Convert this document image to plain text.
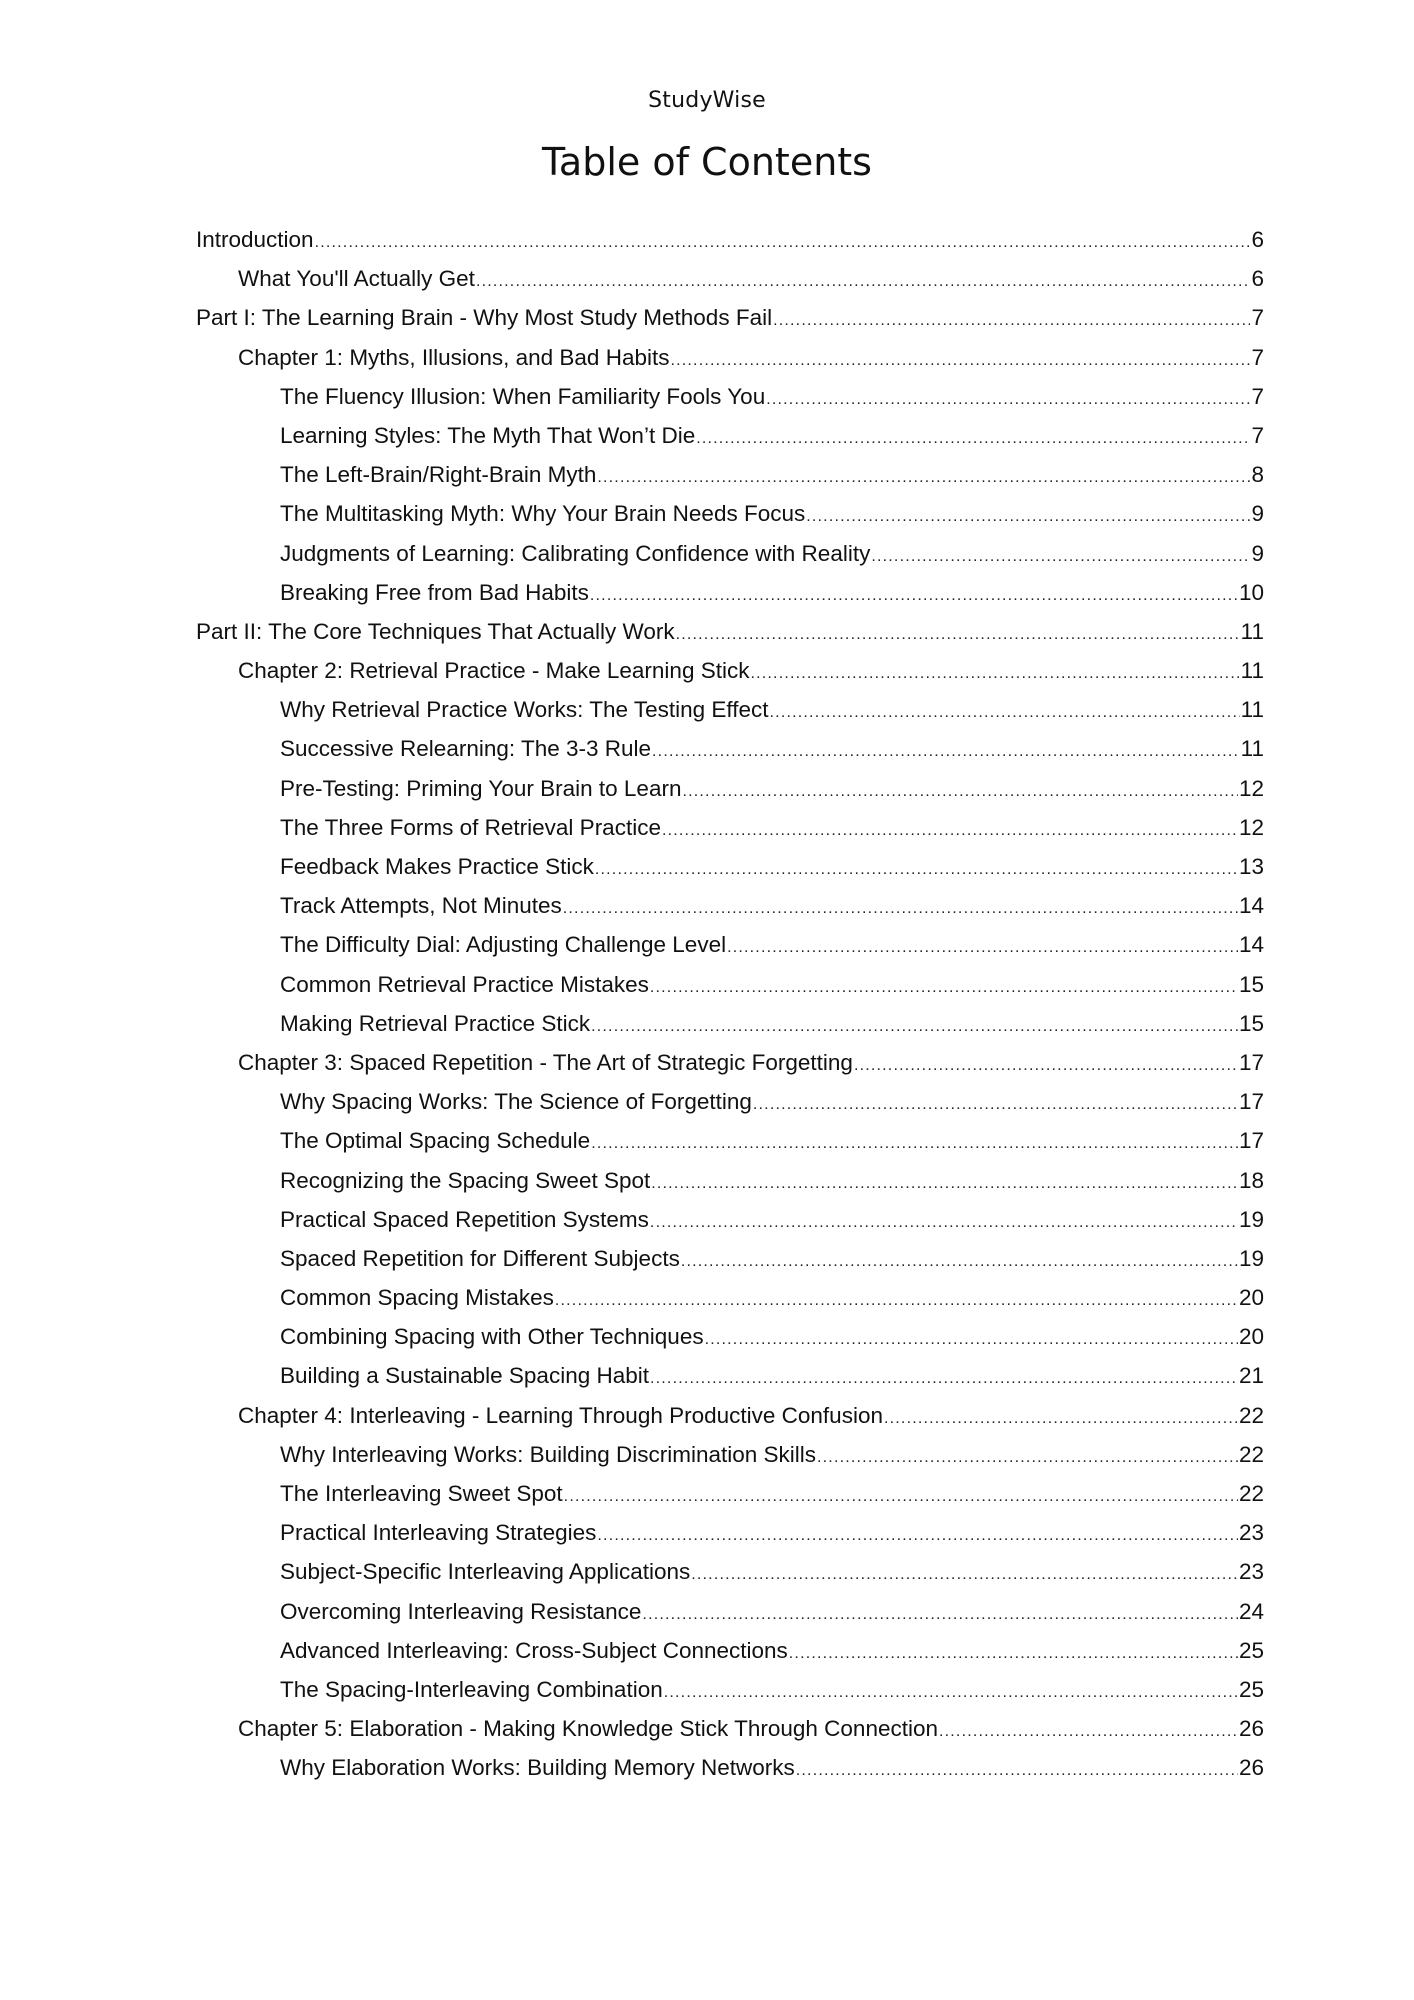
StudyWise
Table of Contents
Introduction .....	6
What You'll Actually Get .....	6
Part I: The Learning Brain - Why Most Study Methods Fail .....	7
Chapter 1: Myths, Illusions, and Bad Habits .....	7
The Fluency Illusion: When Familiarity Fools You .....	7
Learning Styles: The Myth That Won’t Die .....	7
The Left-Brain/Right-Brain Myth .....	8
The Multitasking Myth: Why Your Brain Needs Focus .....	9
Judgments of Learning: Calibrating Confidence with Reality .....	9
Breaking Free from Bad Habits .....	10
Part II: The Core Techniques That Actually Work .....	11
Chapter 2: Retrieval Practice - Make Learning Stick .....	11
Why Retrieval Practice Works: The Testing Effect .....	11
Successive Relearning: The 3-3 Rule .....	11
Pre-Testing: Priming Your Brain to Learn .....	12
The Three Forms of Retrieval Practice .....	12
Feedback Makes Practice Stick .....	13
Track Attempts, Not Minutes .....	14
The Difficulty Dial: Adjusting Challenge Level .....	14
Common Retrieval Practice Mistakes .....	15
Making Retrieval Practice Stick .....	15
Chapter 3: Spaced Repetition - The Art of Strategic Forgetting .....	17
Why Spacing Works: The Science of Forgetting .....	17
The Optimal Spacing Schedule .....	17
Recognizing the Spacing Sweet Spot .....	18
Practical Spaced Repetition Systems .....	19
Spaced Repetition for Different Subjects .....	19
Common Spacing Mistakes .....	20
Combining Spacing with Other Techniques .....	20
Building a Sustainable Spacing Habit .....	21
Chapter 4: Interleaving - Learning Through Productive Confusion .....	22
Why Interleaving Works: Building Discrimination Skills .....	22
The Interleaving Sweet Spot .....	22
Practical Interleaving Strategies .....	23
Subject-Specific Interleaving Applications .....	23
Overcoming Interleaving Resistance .....	24
Advanced Interleaving: Cross-Subject Connections .....	25
The Spacing-Interleaving Combination .....	25
Chapter 5: Elaboration - Making Knowledge Stick Through Connection .....	26
Why Elaboration Works: Building Memory Networks .....	26
